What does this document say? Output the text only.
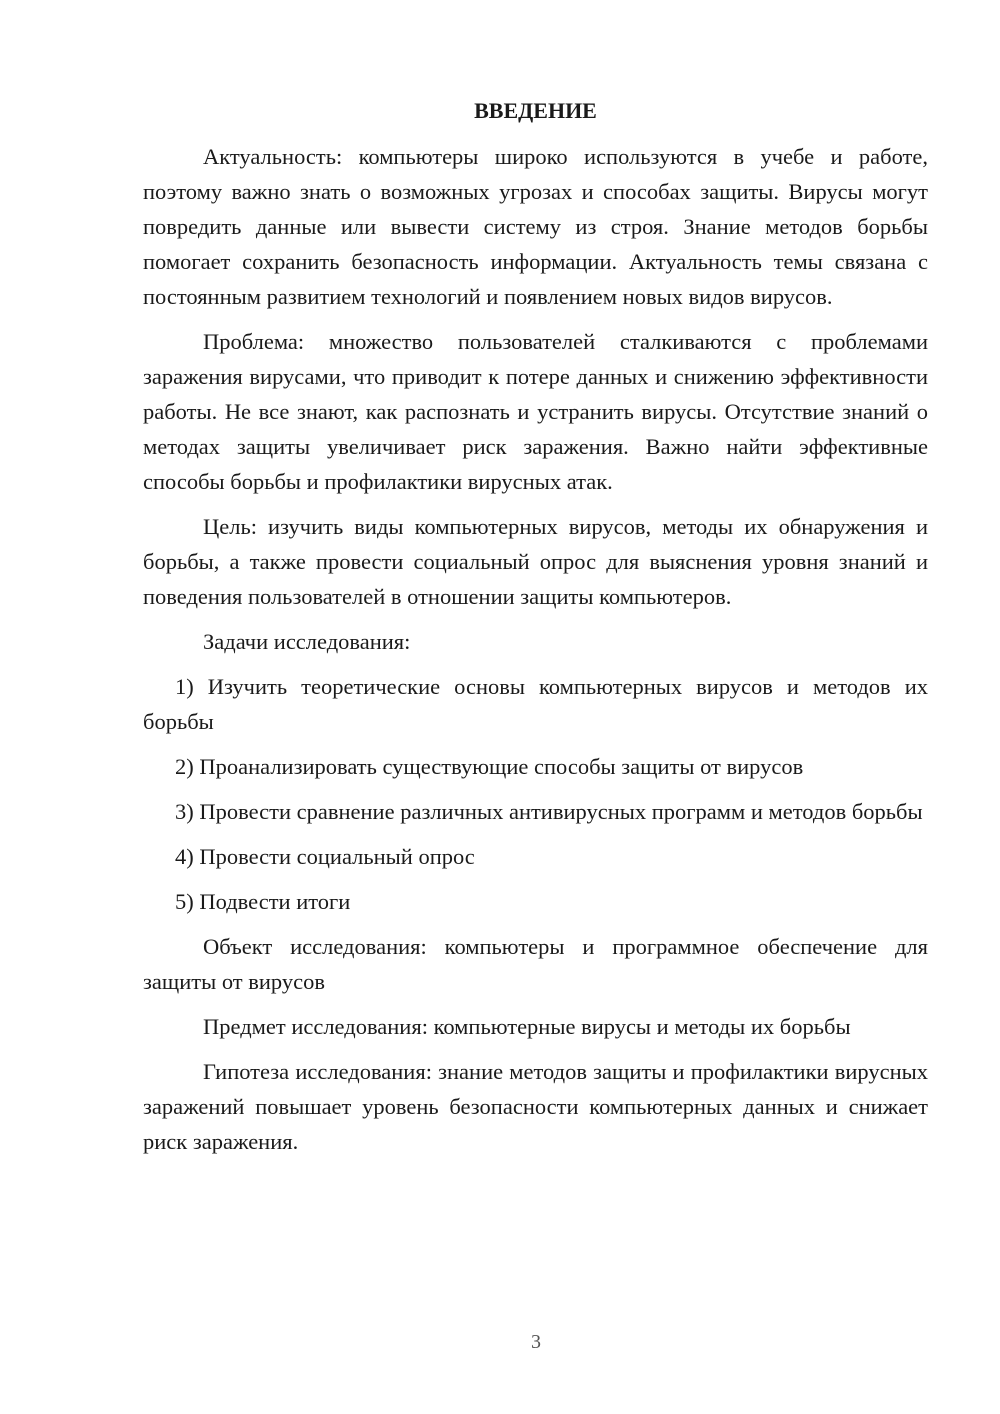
ВВЕДЕНИЕ

Актуальность: компьютеры широко используются в учебе и работе, поэтому важно знать о возможных угрозах и способах защиты. Вирусы могут повредить данные или вывести систему из строя. Знание методов борьбы помогает сохранить безопасность информации. Актуальность темы связана с постоянным развитием технологий и появлением новых видов вирусов.

Проблема: множество пользователей сталкиваются с проблемами заражения вирусами, что приводит к потере данных и снижению эффективности работы. Не все знают, как распознать и устранить вирусы. Отсутствие знаний о методах защиты увеличивает риск заражения. Важно найти эффективные способы борьбы и профилактики вирусных атак.

Цель: изучить виды компьютерных вирусов, методы их обнаружения и борьбы, а также провести социальный опрос для выяснения уровня знаний и поведения пользователей в отношении защиты компьютеров.

Задачи исследования:

1) Изучить теоретические основы компьютерных вирусов и методов их борьбы

2) Проанализировать существующие способы защиты от вирусов

3) Провести сравнение различных антивирусных программ и методов борьбы

4) Провести социальный опрос

5) Подвести итоги

Объект исследования: компьютеры и программное обеспечение для защиты от вирусов

Предмет исследования: компьютерные вирусы и методы их борьбы

Гипотеза исследования: знание методов защиты и профилактики вирусных заражений повышает уровень безопасности компьютерных данных и снижает риск заражения.

3
